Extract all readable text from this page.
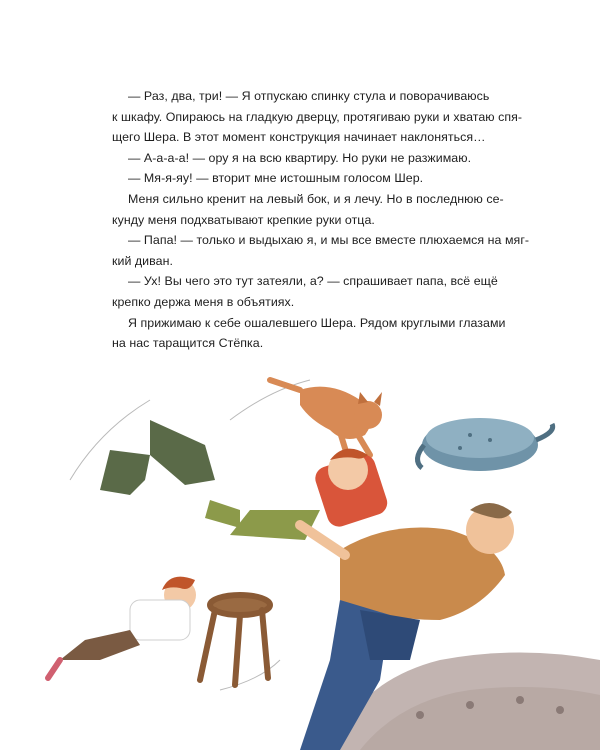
— Раз, два, три! — Я отпускаю спинку стула и поворачиваюсь
к шкафу. Опираюсь на гладкую дверцу, протягиваю руки и хватаю спя-
щего Шера. В этот момент конструкция начинает наклоняться…
— А-а-а-а! — ору я на всю квартиру. Но руки не разжимаю.
— Мя-я-яу! — вторит мне истошным голосом Шер.
Меня сильно кренит на левый бок, и я лечу. Но в последнюю се-
кунду меня подхватывают крепкие руки отца.
— Папа! — только и выдыхаю я, и мы все вместе плюхаемся на мяг-
кий диван.
— Ух! Вы чего это тут затеяли, а? — спрашивает папа, всё ещё
крепко держа меня в объятиях.
Я прижимаю к себе ошалевшего Шера. Рядом круглыми глазами
на нас таращится Стёпка.
